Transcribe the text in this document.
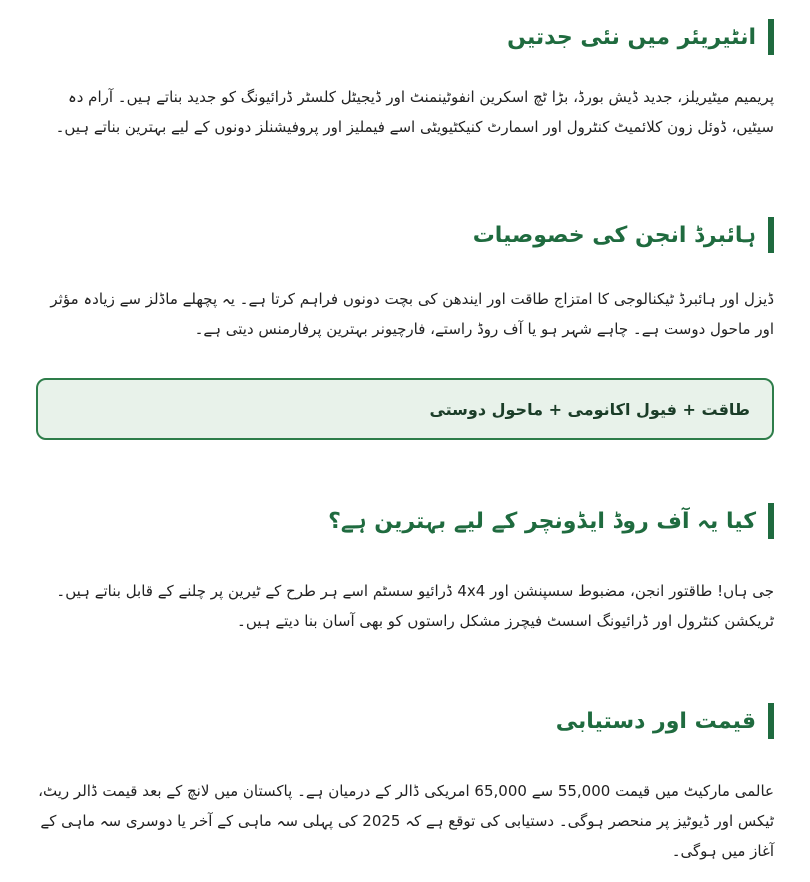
انٹیریئر میں نئی جدتیں

پریمیم میٹیریلز، جدید ڈیش بورڈ، بڑا ٹچ اسکرین انفوٹینمنٹ اور ڈیجیٹل کلسٹر ڈرائیونگ کو جدید بناتے ہیں۔ آرام دہ سیٹیں، ڈوئل زون کلائمیٹ کنٹرول اور اسمارٹ کنیکٹیویٹی اسے فیملیز اور پروفیشنلز دونوں کے لیے بہترین بناتے ہیں۔

ہائبرڈ انجن کی خصوصیات

ڈیزل اور ہائبرڈ ٹیکنالوجی کا امتزاج طاقت اور ایندھن کی بچت دونوں فراہم کرتا ہے۔ یہ پچھلے ماڈلز سے زیادہ مؤثر اور ماحول دوست ہے۔ چاہے شہر ہو یا آف روڈ راستے، فارچیونر بہترین پرفارمنس دیتی ہے۔

طاقت + فیول اکانومی + ماحول دوستی
کیا یہ آف روڈ ایڈونچر کے لیے بہترین ہے؟

جی ہاں! طاقتور انجن، مضبوط سسپنشن اور 4x4 ڈرائیو سسٹم اسے ہر طرح کے ٹیرین پر چلنے کے قابل بناتے ہیں۔ ٹریکشن کنٹرول اور ڈرائیونگ اسسٹ فیچرز مشکل راستوں کو بھی آسان بنا دیتے ہیں۔

قیمت اور دستیابی

عالمی مارکیٹ میں قیمت 55,000 سے 65,000 امریکی ڈالر کے درمیان ہے۔ پاکستان میں لانچ کے بعد قیمت ڈالر ریٹ، ٹیکس اور ڈیوٹیز پر منحصر ہوگی۔ دستیابی کی توقع ہے کہ 2025 کی پہلی سہ ماہی کے آخر یا دوسری سہ ماہی کے آغاز میں ہوگی۔
